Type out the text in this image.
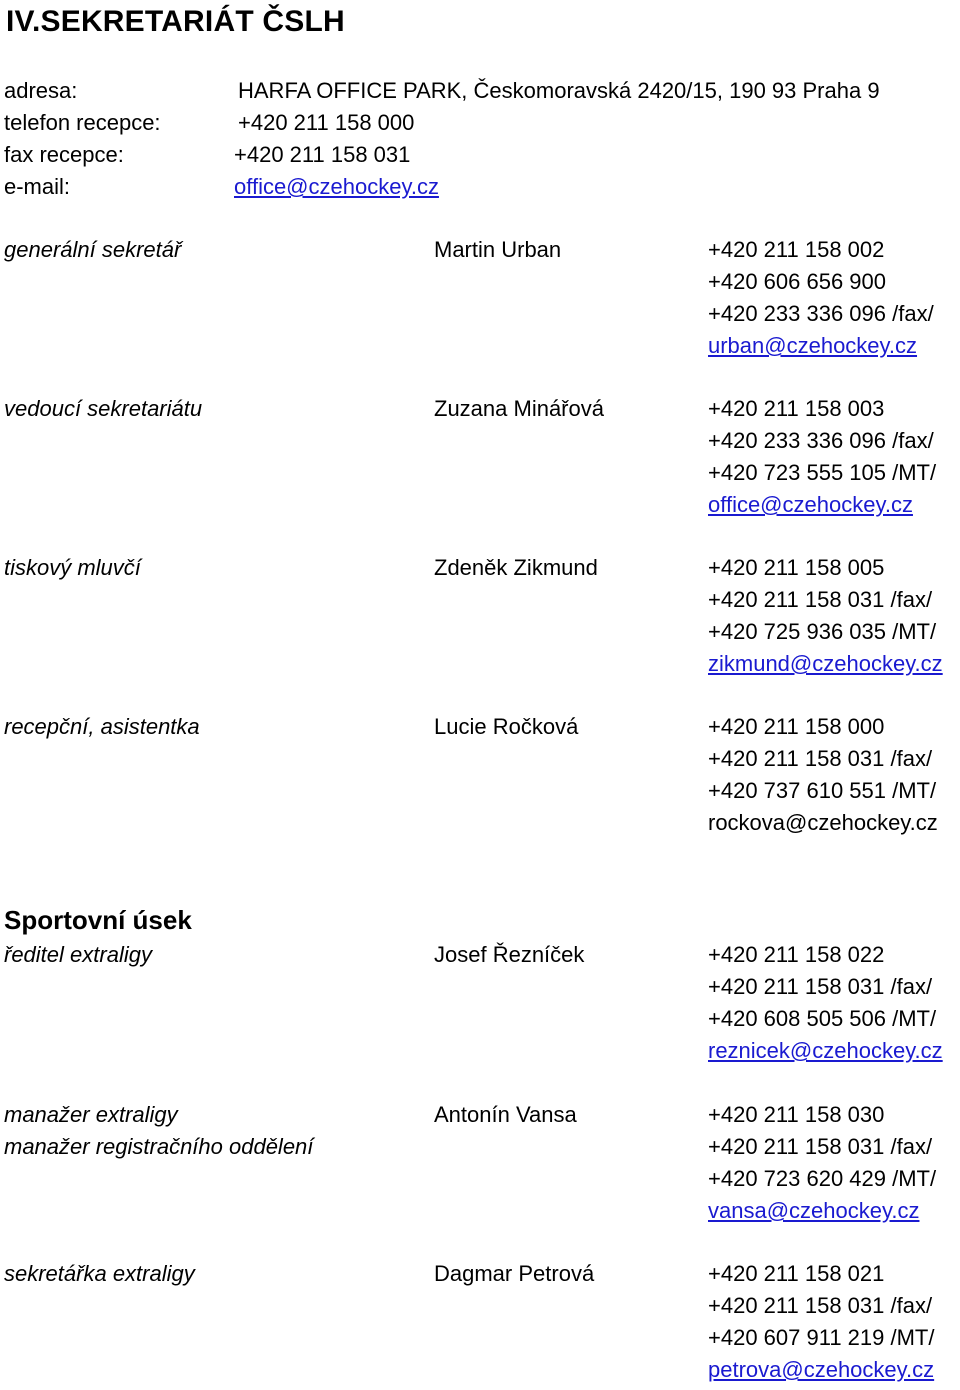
IV.SEKRETARIÁT ČSLH
adresa:	HARFA OFFICE PARK, Českomoravská 2420/15, 190 93 Praha 9
telefon recepce:	+420 211 158 000
fax recepce:	+420 211 158 031
e-mail:	office@czehockey.cz
generální sekretář	Martin Urban	+420 211 158 002
+420 606 656 900
+420 233 336 096 /fax/
urban@czehockey.cz
vedoucí sekretariátu	Zuzana Minářová	+420 211 158 003
+420 233 336 096 /fax/
+420 723 555 105 /MT/
office@czehockey.cz
tiskový mluvčí	Zdeněk Zikmund	+420 211 158 005
+420 211 158 031 /fax/
+420 725 936 035 /MT/
zikmund@czehockey.cz
recepční, asistentka	Lucie Ročková	+420 211 158 000
+420 211 158 031 /fax/
+420 737 610 551 /MT/
rockova@czehockey.cz
Sportovní úsek
ředitel extraligy	Josef Řezníček	+420 211 158 022
+420 211 158 031 /fax/
+420 608 505 506 /MT/
reznicek@czehockey.cz
manažer extraligy
manažer registračního oddělení
Antonín Vansa	+420 211 158 030
+420 211 158 031 /fax/
+420 723 620 429 /MT/
vansa@czehockey.cz
sekretářka extraligy	Dagmar Petrová	+420 211 158 021
+420 211 158 031 /fax/
+420 607 911 219 /MT/
petrova@czehockey.cz
